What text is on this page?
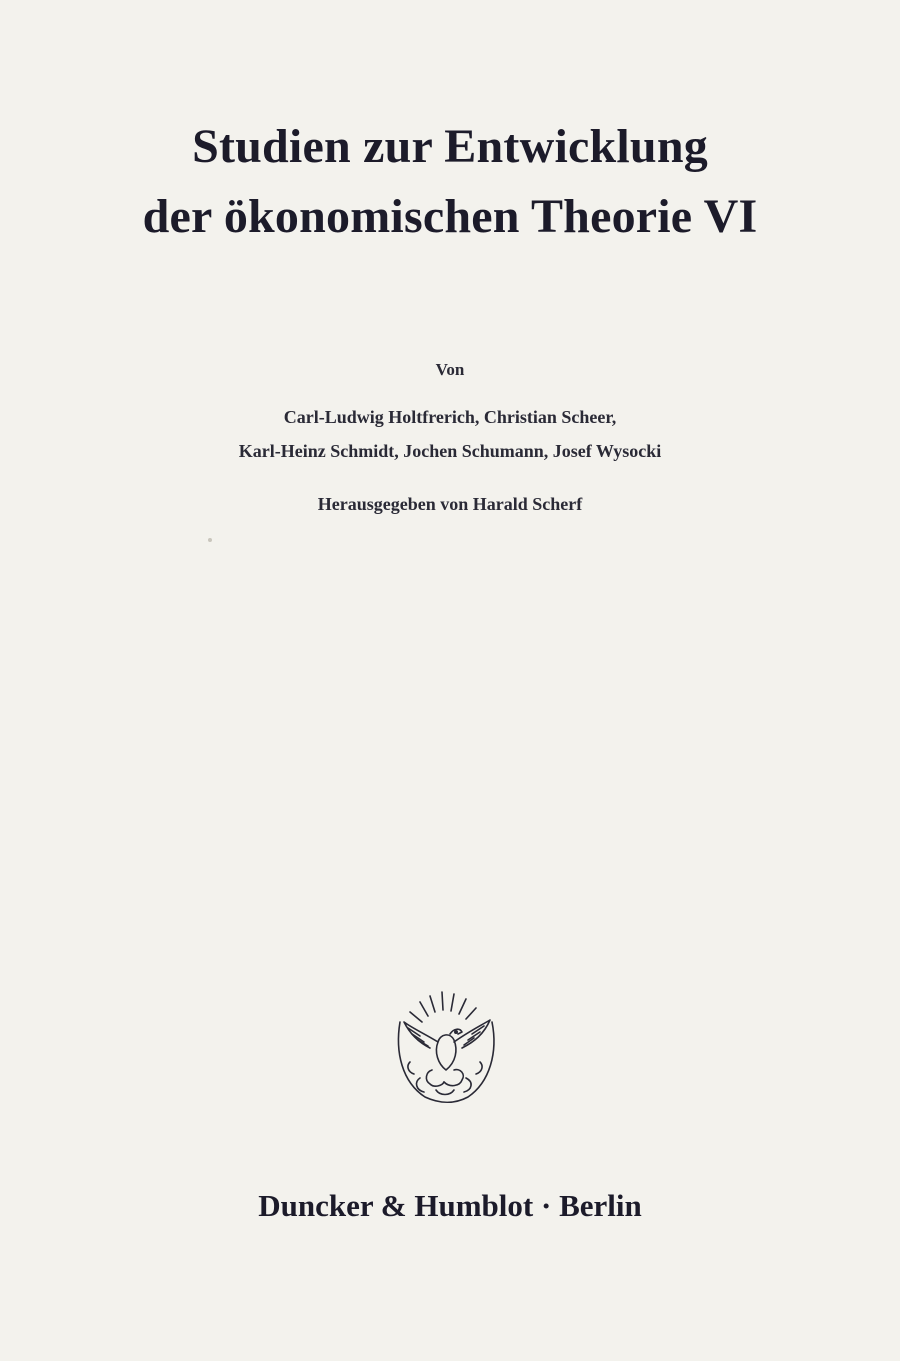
Studien zur Entwicklung
der ökonomischen Theorie VI
Von
Carl-Ludwig Holtfrerich, Christian Scheer,
Karl-Heinz Schmidt, Jochen Schumann, Josef Wysocki
Herausgegeben von Harald Scherf
Duncker & Humblot · Berlin
